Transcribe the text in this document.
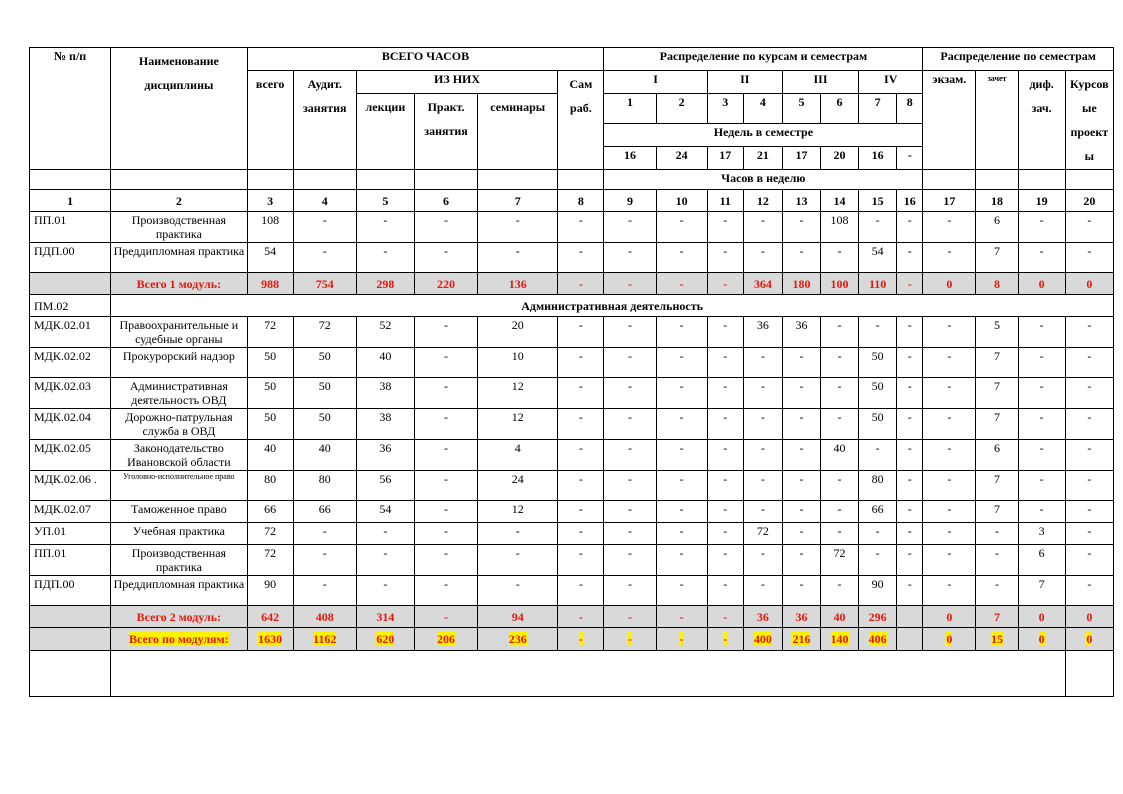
№ п/п	Наименование дисциплины	ВСЕГО ЧАСОВ						Распределение по курсам и семестрам								Распределение по семестрам			
		всего	Аудит. занятия	ИЗ НИХ			Сам раб.	I		II		III		IV		экзам.	зачет	диф. зач.	Курсовые проекты
				лекции	Практ. занятия	семинары		1	2	3	4	5	6	7	8				
								Недель в семестре											
								16	24	17	21	17	20	16	-				
								Часов в неделю											
1	2	3	4	5	6	7	8	9	10	11	12	13	14	15	16	17	18	19	20
ПП.01	Производственная практика	108	-	-	-	-	-	-	-	-	-	-	108	-	-	-	6	-	-
ПДП.00	Преддипломная практика	54	-	-	-	-	-	-	-	-	-	-	-	54	-	-	7	-	-
	Всего 1 модуль:	988	754	298	220	136	-	-	-	-	364	180	100	110	-	0	8	0	0
ПМ.02	Административная деятельность																		
МДК.02.01	Правоохранительные и судебные органы	72	72	52	-	20	-	-	-	-	36	36	-	-	-	-	5	-	-
МДК.02.02	Прокурорский надзор	50	50	40	-	10	-	-	-	-	-	-	-	50	-	-	7	-	-
МДК.02.03	Административная деятельность ОВД	50	50	38	-	12	-	-	-	-	-	-	-	50	-	-	7	-	-
МДК.02.04	Дорожно-патрульная служба в ОВД	50	50	38	-	12	-	-	-	-	-	-	-	50	-	-	7	-	-
МДК.02.05	Законодательство Ивановской области	40	40	36	-	4	-	-	-	-	-	-	40	-	-	-	6	-	-
МДК.02.06 .	Уголовно-исполнительное право	80	80	56	-	24	-	-	-	-	-	-	-	80	-	-	7	-	-
МДК.02.07	Таможенное право	66	66	54	-	12	-	-	-	-	-	-	-	66	-	-	7	-	-
УП.01	Учебная практика	72	-	-	-	-	-	-	-	-	72	-	-	-	-	-	-	3	-
ПП.01	Производственная практика	72	-	-	-	-	-	-	-	-	-	-	72	-	-	-	-	6	-
ПДП.00	Преддипломная практика	90	-	-	-	-	-	-	-	-	-	-	-	90	-	-	-	7	-
	Всего 2 модуль:	642	408	314	-	94	-	-	-	-	36	36	40	296		0	7	0	0
	Всего по модулям:	1630	1162	620	206	236	-	-	-	-	400	216	140	406		0	15	0	0
